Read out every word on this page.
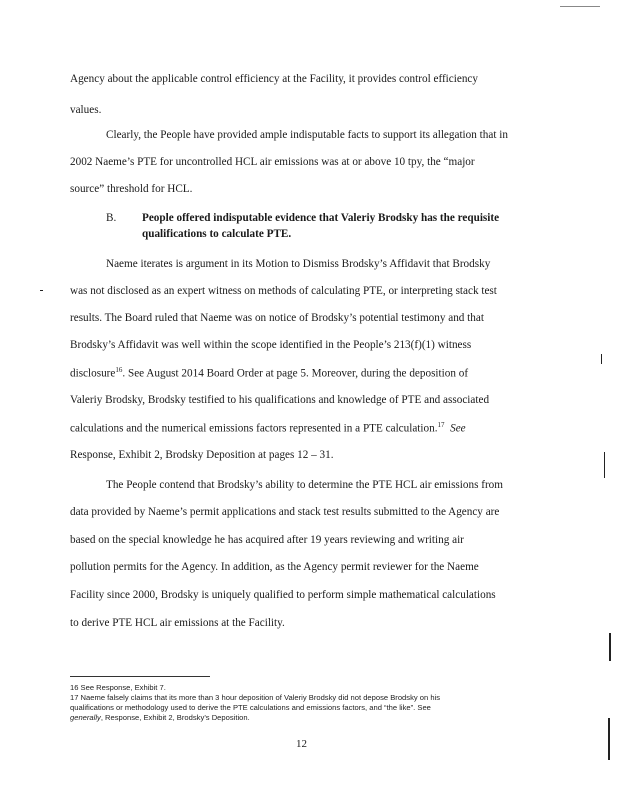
Agency about the applicable control efficiency at the Facility, it provides control efficiency
values.
Clearly, the People have provided ample indisputable facts to support its allegation that in
2002 Naeme’s PTE for uncontrolled HCL air emissions was at or above 10 tpy, the “major
source” threshold for HCL.
B. People offered indisputable evidence that Valeriy Brodsky has the requisite
qualifications to calculate PTE.
Naeme iterates is argument in its Motion to Dismiss Brodsky’s Affidavit that Brodsky
was not disclosed as an expert witness on methods of calculating PTE, or interpreting stack test
results. The Board ruled that Naeme was on notice of Brodsky’s potential testimony and that
Brodsky’s Affidavit was well within the scope identified in the People’s 213(f)(1) witness
disclosure$^{16}$. See August 2014 Board Order at page 5. Moreover, during the deposition of
Valeriy Brodsky, Brodsky testified to his qualifications and knowledge of PTE and associated
calculations and the numerical emissions factors represented in a PTE calculation.$^{17}$ See
Response, Exhibit 2, Brodsky Deposition at pages 12 – 31.
The People contend that Brodsky’s ability to determine the PTE HCL air emissions from
data provided by Naeme’s permit applications and stack test results submitted to the Agency are
based on the special knowledge he has acquired after 19 years reviewing and writing air
pollution permits for the Agency. In addition, as the Agency permit reviewer for the Naeme
Facility since 2000, Brodsky is uniquely qualified to perform simple mathematical calculations
to derive PTE HCL air emissions at the Facility.
16 See Response, Exhibit 7.
17 Naeme falsely claims that its more than 3 hour deposition of Valeriy Brodsky did not depose Brodsky on his
qualifications or methodology used to derive the PTE calculations and emissions factors, and “the like”. See
generally, Response, Exhibit 2, Brodsky’s Deposition.
12
